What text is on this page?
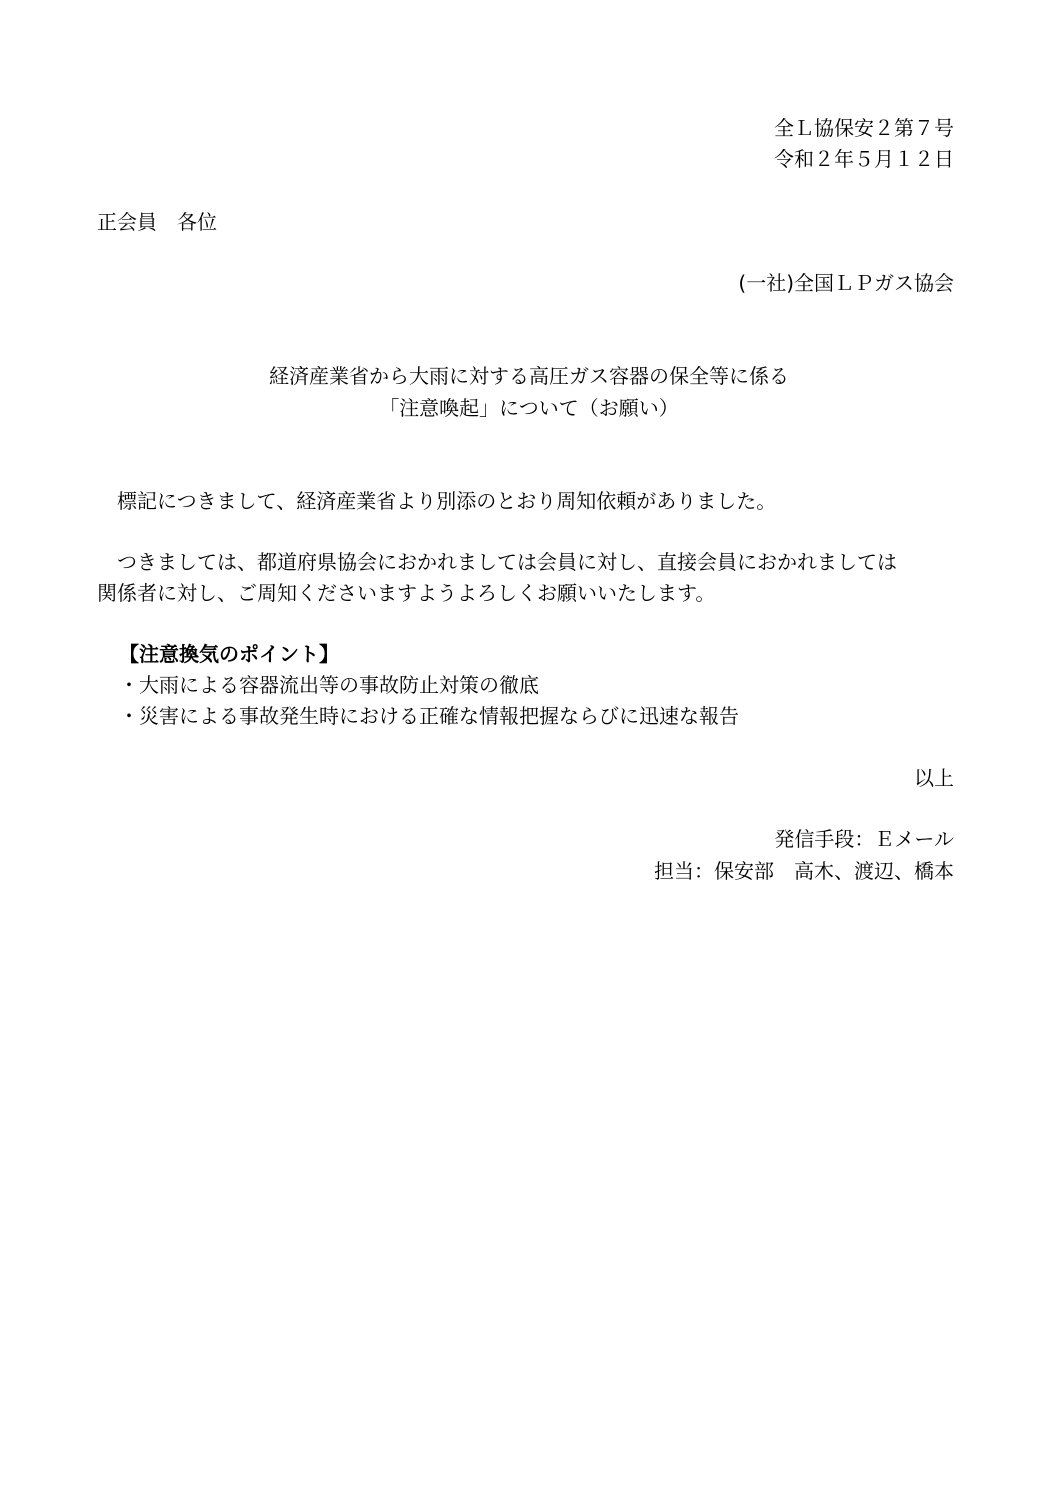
全Ｌ協保安２第７号

令和２年５月１２日

正会員　各位

(一社)全国ＬＰガス協会

経済産業省から大雨に対する高圧ガス容器の保全等に係る

「注意喚起」について（お願い）

　標記につきまして、経済産業省より別添のとおり周知依頼がありました。

　つきましては、都道府県協会におかれましては会員に対し、直接会員におかれましては

関係者に対し、ご周知くださいますようよろしくお願いいたします。

【注意換気のポイント】

・大雨による容器流出等の事故防止対策の徹底

・災害による事故発生時における正確な情報把握ならびに迅速な報告

以上

発信手段：Ｅメール

担当：保安部　高木、渡辺、橋本
